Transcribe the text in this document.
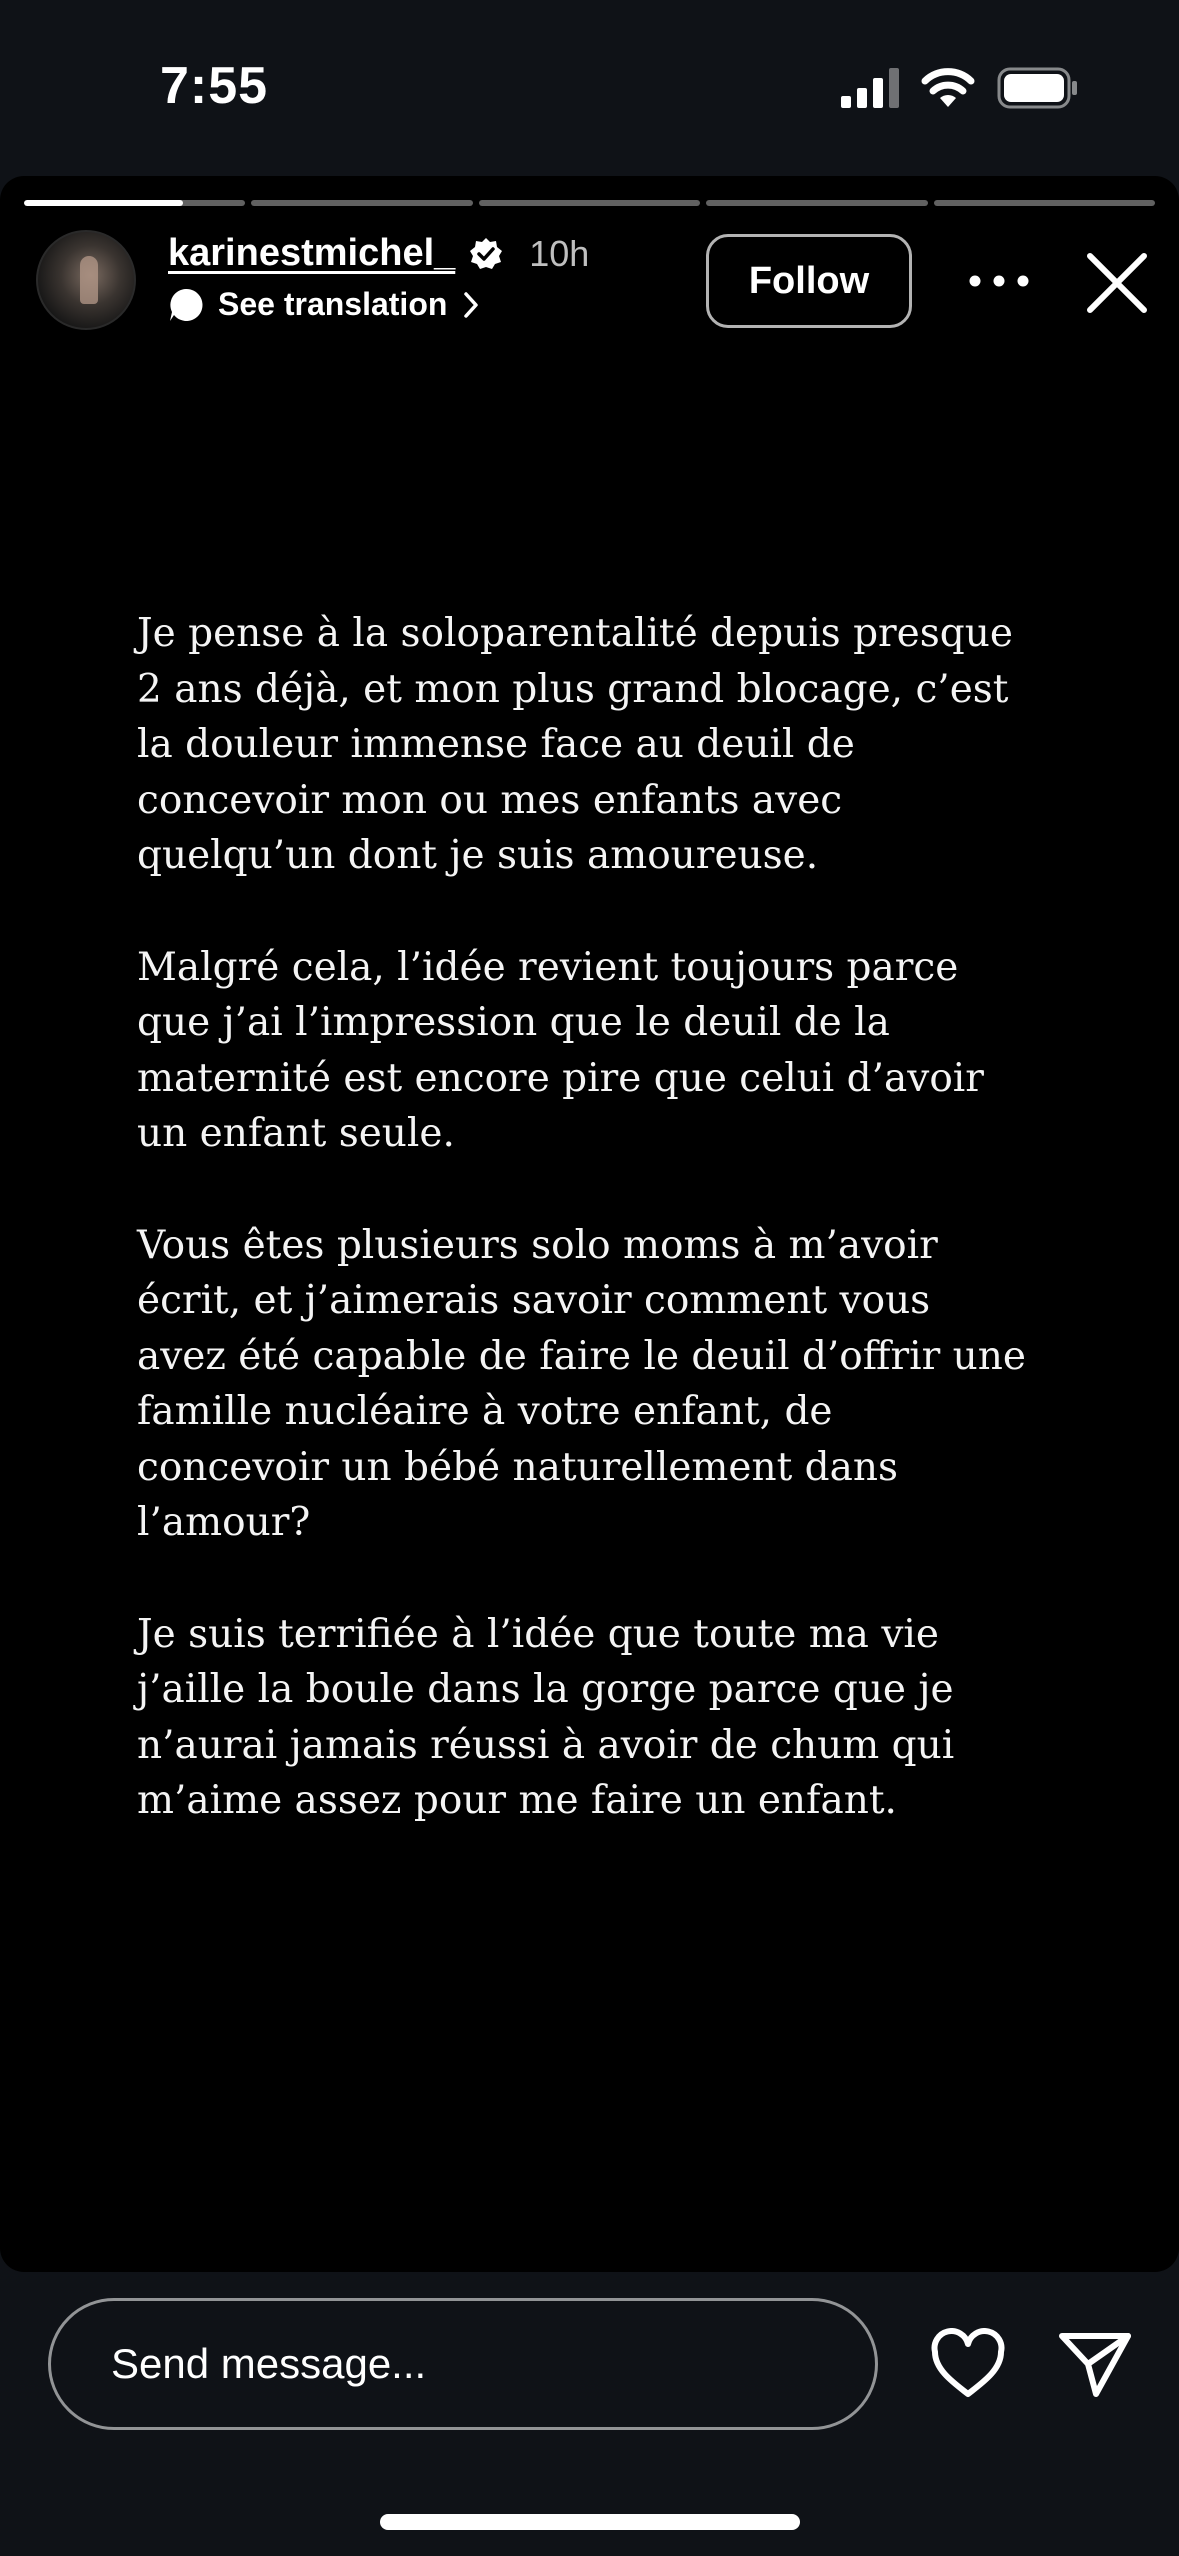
7:55
karinestmichel_ 10h
See translation
Follow

Je pense à la soloparentalité depuis presque
2 ans déjà, et mon plus grand blocage, c’est
la douleur immense face au deuil de
concevoir mon ou mes enfants avec
quelqu’un dont je suis amoureuse.

Malgré cela, l’idée revient toujours parce
que j’ai l’impression que le deuil de la
maternité est encore pire que celui d’avoir
un enfant seule.

Vous êtes plusieurs solo moms à m’avoir
écrit, et j’aimerais savoir comment vous
avez été capable de faire le deuil d’offrir une
famille nucléaire à votre enfant, de
concevoir un bébé naturellement dans
l’amour?

Je suis terrifiée à l’idée que toute ma vie
j’aille la boule dans la gorge parce que je
n’aurai jamais réussi à avoir de chum qui
m’aime assez pour me faire un enfant.

Send message...
